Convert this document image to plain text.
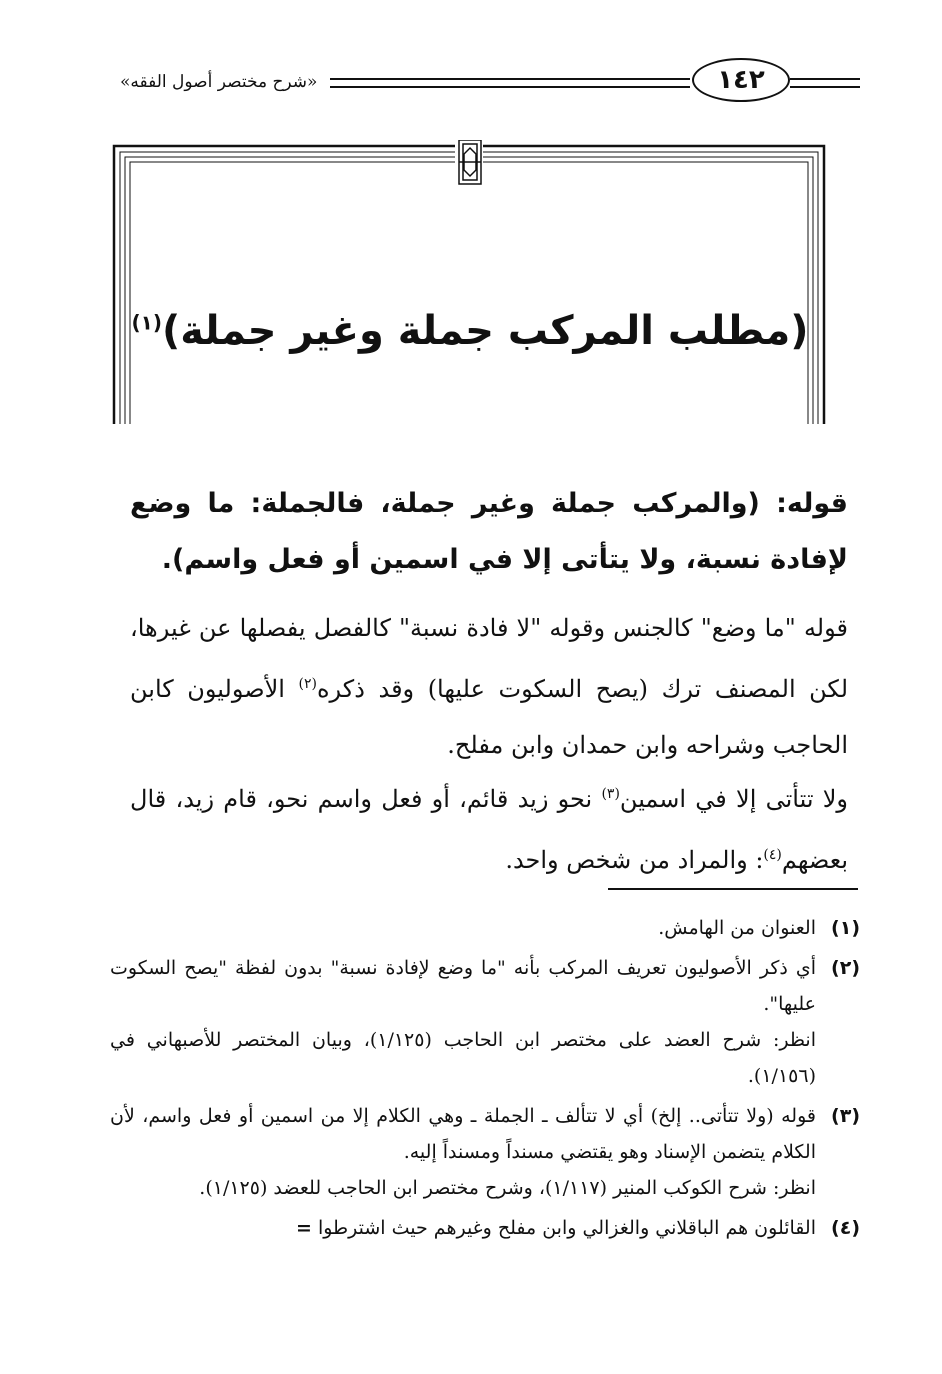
«شرح مختصر أصول الفقه»	١٤٢
(مطلب المركب جملة وغير جملة)$^{(١)}$
قوله: (والمركب جملة وغير جملة، فالجملة: ما وضع لإفادة نسبة، ولا يتأتى إلا في اسمين أو فعل واسم).
قوله "ما وضع" كالجنس وقوله "لا فادة نسبة" كالفصل يفصلها عن غيرها، لكن المصنف ترك (يصح السكوت عليها) وقد ذكره$^{(٢)}$ الأصوليون كابن الحاجب وشراحه وابن حمدان وابن مفلح.
ولا تتأتى إلا في اسمين$^{(٣)}$ نحو زيد قائم، أو فعل واسم نحو، قام زيد، قال بعضهم$^{(٤)}$: والمراد من شخص واحد.
(١)

العنوان من الهامش.

(٢)

أي ذكر الأصوليون تعريف المركب بأنه "ما وضع لإفادة نسبة" بدون لفظة "يصح السكوت عليها".

انظر: شرح العضد على مختصر ابن الحاجب (١/١٢٥)، وبيان المختصر للأصبهاني في (١/١٥٦).

(٣)

قوله (ولا تتأتى.. إلخ) أي لا تتألف ـ الجملة ـ وهي الكلام إلا من اسمين أو فعل واسم، لأن الكلام يتضمن الإسناد وهو يقتضي مسنداً ومسنداً إليه.

انظر: شرح الكوكب المنير (١/١١٧)، وشرح مختصر ابن الحاجب للعضد (١/١٢٥).

(٤)

القائلون هم الباقلاني والغزالي وابن مفلح وغيرهم حيث اشترطوا =
